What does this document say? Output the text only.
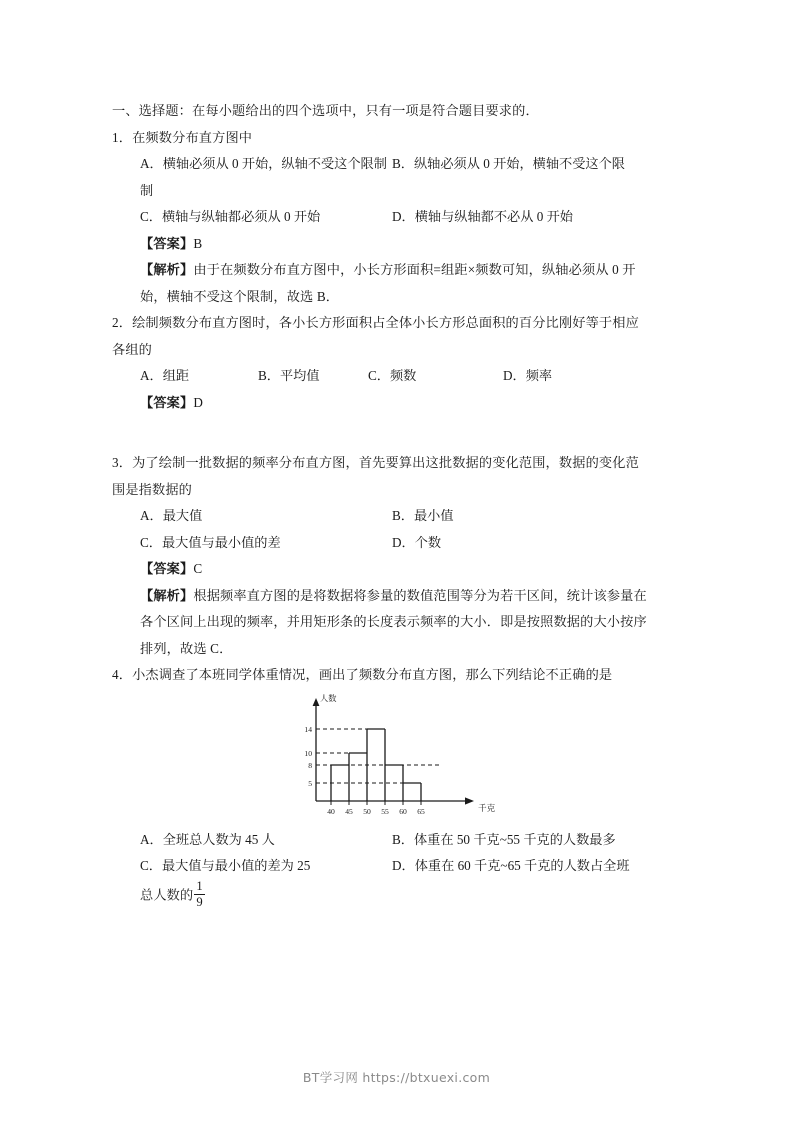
一、选择题：在每小题给出的四个选项中，只有一项是符合题目要求的．
1．在频数分布直方图中
A．横轴必须从 0 开始，纵轴不受这个限制 B．纵轴必须从 0 开始，横轴不受这个限
制
C．横轴与纵轴都必须从 0 开始	D．横轴与纵轴都不必从 0 开始
【答案】B
【解析】由于在频数分布直方图中，小长方形面积=组距×频数可知，纵轴必须从 0 开
始，横轴不受这个限制，故选 B．
2．绘制频数分布直方图时，各小长方形面积占全体小长方形总面积的百分比刚好等于相应
各组的
A．组距	B．平均值	C．频数	D．频率
【答案】D
3．为了绘制一批数据的频率分布直方图，首先要算出这批数据的变化范围，数据的变化范
围是指数据的
A．最大值	B．最小值
C．最大值与最小值的差	D．个数
【答案】C
【解析】根据频率直方图的是将数据将参量的数值范围等分为若干区间，统计该参量在
各个区间上出现的频率，并用矩形条的长度表示频率的大小．即是按照数据的大小按序
排列，故选 C．
4．小杰调查了本班同学体重情况，画出了频数分布直方图，那么下列结论不正确的是
人数
千克
5
8
10
14
40 45 50 55 60 65
A．全班总人数为 45 人	B．体重在 50 千克~55 千克的人数最多
C．最大值与最小值的差为 25	D．体重在 60 千克~65 千克的人数占全班
总人数的 $\frac{1}{9}$
BT学习网 https://btxuexi.com
